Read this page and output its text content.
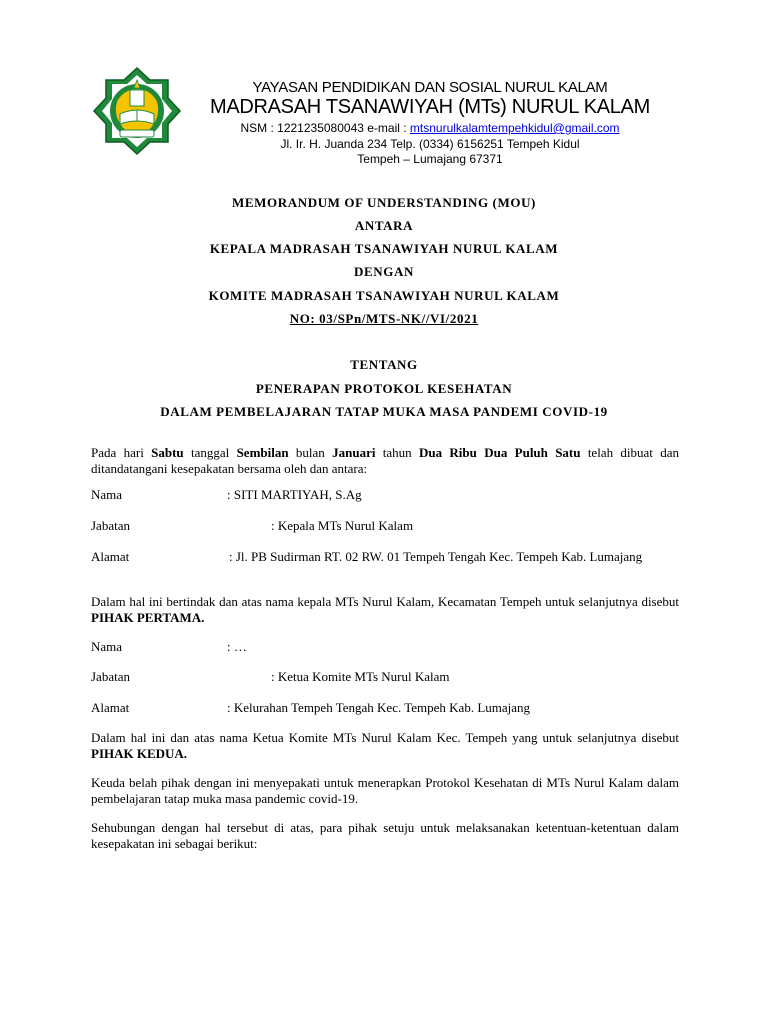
YAYASAN PENDIDIKAN DAN SOSIAL NURUL KALAM
MADRASAH TSANAWIYAH (MTs) NURUL KALAM
NSM : 1221235080043 e-mail : mtsnurulkalamtempehkidul@gmail.com
Jl. Ir. H. Juanda 234 Telp. (0334) 6156251 Tempeh Kidul
Tempeh – Lumajang 67371
MEMORANDUM OF UNDERSTANDING (MOU)
ANTARA
KEPALA MADRASAH TSANAWIYAH NURUL KALAM
DENGAN
KOMITE MADRASAH TSANAWIYAH NURUL KALAM
NO: 03/SPn/MTS-NK//VI/2021
TENTANG
PENERAPAN PROTOKOL KESEHATAN
DALAM PEMBELAJARAN TATAP MUKA MASA PANDEMI COVID-19
Pada hari Sabtu tanggal Sembilan bulan Januari tahun Dua Ribu Dua Puluh Satu telah dibuat dan ditandatangani kesepakatan bersama oleh dan antara:
Nama	: SITI MARTIYAH, S.Ag
Jabatan	: Kepala MTs Nurul Kalam
Alamat	: Jl. PB Sudirman RT. 02 RW. 01 Tempeh Tengah Kec. Tempeh Kab. Lumajang
Dalam hal ini bertindak dan atas nama kepala MTs Nurul Kalam, Kecamatan Tempeh untuk selanjutnya disebut PIHAK PERTAMA.
Nama	: …
Jabatan	: Ketua Komite MTs Nurul Kalam
Alamat	: Kelurahan Tempeh Tengah Kec. Tempeh Kab. Lumajang
Dalam hal ini dan atas nama Ketua Komite MTs Nurul Kalam Kec. Tempeh yang untuk selanjutnya disebut PIHAK KEDUA.
Keuda belah pihak dengan ini menyepakati untuk menerapkan Protokol Kesehatan di MTs Nurul Kalam dalam pembelajaran tatap muka masa pandemic covid-19.
Sehubungan dengan hal tersebut di atas, para pihak setuju untuk melaksanakan ketentuan-ketentuan dalam kesepakatan ini sebagai berikut:
